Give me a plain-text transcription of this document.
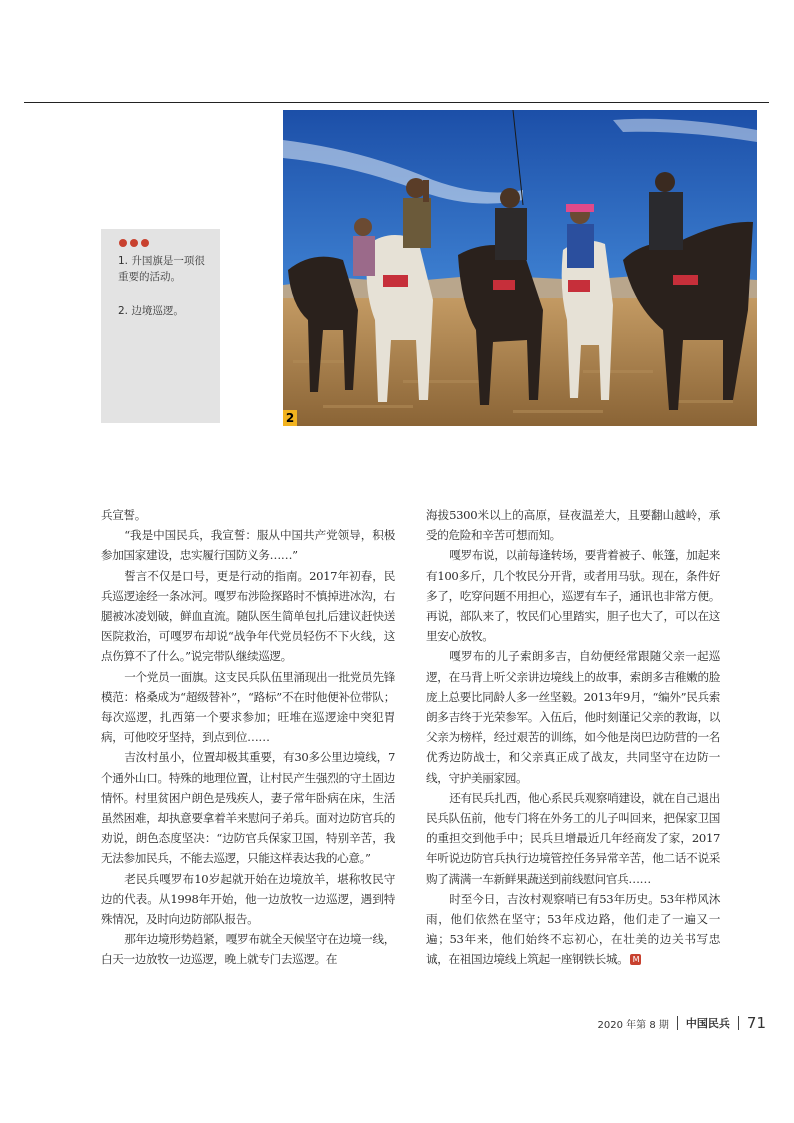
1. 升国旗是一项很重要的活动。
2. 边境巡逻。
2

兵宣誓。

“我是中国民兵，我宣誓：服从中国共产党领导，积极参加国家建设，忠实履行国防义务……”

誓言不仅是口号，更是行动的指南。2017年初春，民兵巡逻途经一条冰河。嘎罗布涉险探路时不慎掉进冰沟，右腿被冰凌划破，鲜血直流。随队医生简单包扎后建议赶快送医院救治，可嘎罗布却说“战争年代党员轻伤不下火线，这点伤算不了什么。”说完带队继续巡逻。

一个党员一面旗。这支民兵队伍里涌现出一批党员先锋模范：格桑成为“超级替补”，“路标”不在时他便补位带队；每次巡逻，扎西第一个要求参加；旺堆在巡逻途中突犯胃病，可他咬牙坚持，到点到位……

吉汝村虽小，位置却极其重要，有30多公里边境线，7个通外山口。特殊的地理位置，让村民产生强烈的守土固边情怀。村里贫困户朗色是残疾人，妻子常年卧病在床，生活虽然困难，却执意要拿着羊来慰问子弟兵。面对边防官兵的劝说，朗色态度坚决：“边防官兵保家卫国，特别辛苦，我无法参加民兵，不能去巡逻，只能这样表达我的心意。”

老民兵嘎罗布10岁起就开始在边境放羊，堪称牧民守边的代表。从1998年开始，他一边放牧一边巡逻，遇到特殊情况，及时向边防部队报告。

那年边境形势趋紧，嘎罗布就全天候坚守在边境一线，白天一边放牧一边巡逻，晚上就专门去巡逻。在

海拔5300米以上的高原，昼夜温差大，且要翻山越岭，承受的危险和辛苦可想而知。

嘎罗布说，以前每逢转场，要背着被子、帐篷，加起来有100多斤，几个牧民分开背，或者用马驮。现在，条件好多了，吃穿问题不用担心，巡逻有车子，通讯也非常方便。再说，部队来了，牧民们心里踏实，胆子也大了，可以在这里安心放牧。

嘎罗布的儿子索朗多吉，自幼便经常跟随父亲一起巡逻，在马背上听父亲讲边境线上的故事，索朗多吉稚嫩的脸庞上总要比同龄人多一丝坚毅。2013年9月，“编外”民兵索朗多吉终于光荣参军。入伍后，他时刻谨记父亲的教诲，以父亲为榜样，经过艰苦的训练，如今他是岗巴边防营的一名优秀边防战士，和父亲真正成了战友，共同坚守在边防一线，守护美丽家园。

还有民兵扎西，他心系民兵观察哨建设，就在自己退出民兵队伍前，他专门将在外务工的儿子叫回来，把保家卫国的重担交到他手中；民兵旦增最近几年经商发了家，2017年听说边防官兵执行边境管控任务异常辛苦，他二话不说采购了满满一车新鲜果蔬送到前线慰问官兵……

时至今日，吉汝村观察哨已有53年历史。53年栉风沐雨，他们依然在坚守；53年戍边路，他们走了一遍又一遍；53年来，他们始终不忘初心，在壮美的边关书写忠诚，在祖国边境线上筑起一座钢铁长城。 M

2020 年第 8 期 中国民兵 71
